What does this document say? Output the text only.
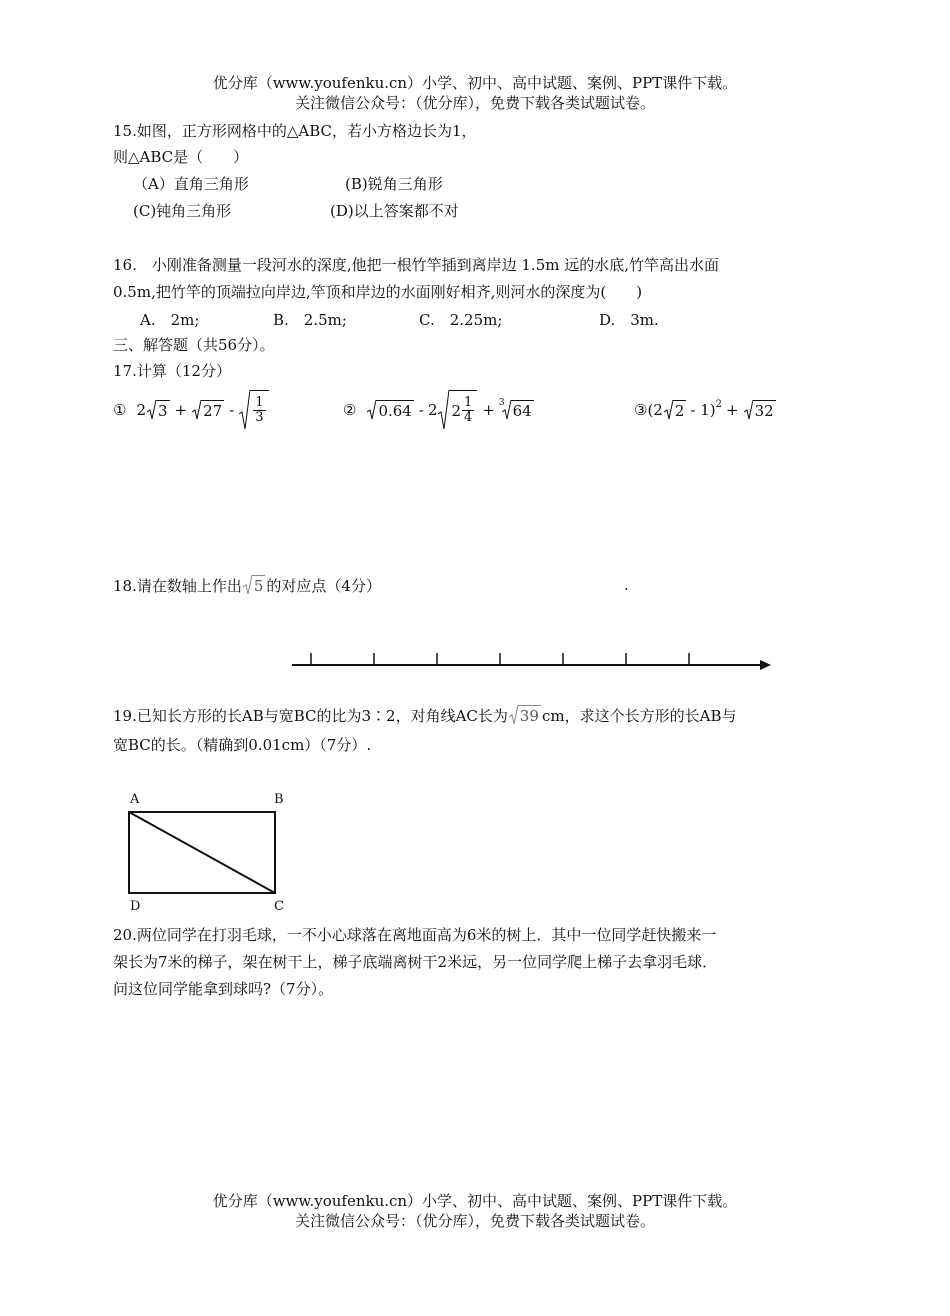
优分库（www.youfenku.cn）小学、初中、高中试题、案例、PPT课件下载。
关注微信公众号：（优分库），免费下载各类试题试卷。
15.如图，正方形网格中的△ABC，若小方格边长为1，
则△ABC是（　　）
（A）直角三角形	(B)锐角三角形
(C)钝角三角形	(D)以上答案都不对
16.　小刚准备测量一段河水的深度,他把一根竹竿插到离岸边 1.5m 远的水底,竹竿高出水面
0.5m,把竹竿的顶端拉向岸边,竿顶和岸边的水面刚好相齐,则河水的深度为(　　)
A.　2m;	B.　2.5m;	C.　2.25m;	D.　3m.
三、解答题（共56分）。
17.计算（12分）
① 2 $3 + 27 - \frac{1}{3}$	② 0.64 - 2 $2 \frac{1}{4} + 3$ 64	③ (2 2 - 1)$^2$ + 32
18.请在数轴上作出 5 的对应点（4分）	.
19.已知长方形的长AB与宽BC的比为3∶2，对角线AC长为 39 cm，求这个长方形的长AB与
宽BC的长。（精确到0.01cm）（7分）.
A	B
D	C
20.两位同学在打羽毛球，一不小心球落在离地面高为6米的树上．其中一位同学赶快搬来一
架长为7米的梯子，架在树干上，梯子底端离树干2米远，另一位同学爬上梯子去拿羽毛球．
问这位同学能拿到球吗?（7分）。
优分库（www.youfenku.cn）小学、初中、高中试题、案例、PPT课件下载。
关注微信公众号：（优分库），免费下载各类试题试卷。
